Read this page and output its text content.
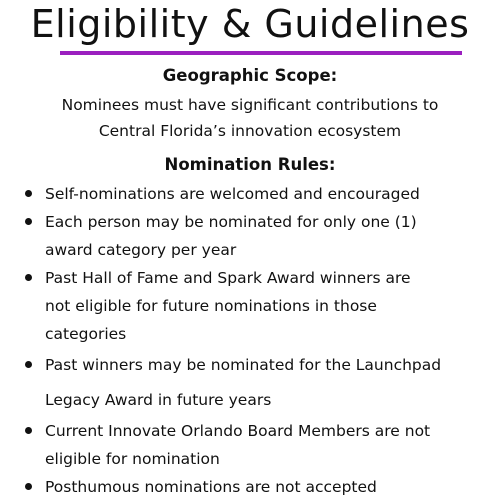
Eligibility & Guidelines
Geographic Scope:
Nominees must have significant contributions to
Central Florida’s innovation ecosystem
Nomination Rules:
Self-nominations are welcomed and encouraged
Each person may be nominated for only one (1)
award category per year
Past Hall of Fame and Spark Award winners are
not eligible for future nominations in those
categories
Past winners may be nominated for the Launchpad
Legacy Award in future years
Current Innovate Orlando Board Members are not
eligible for nomination
Posthumous nominations are not accepted
